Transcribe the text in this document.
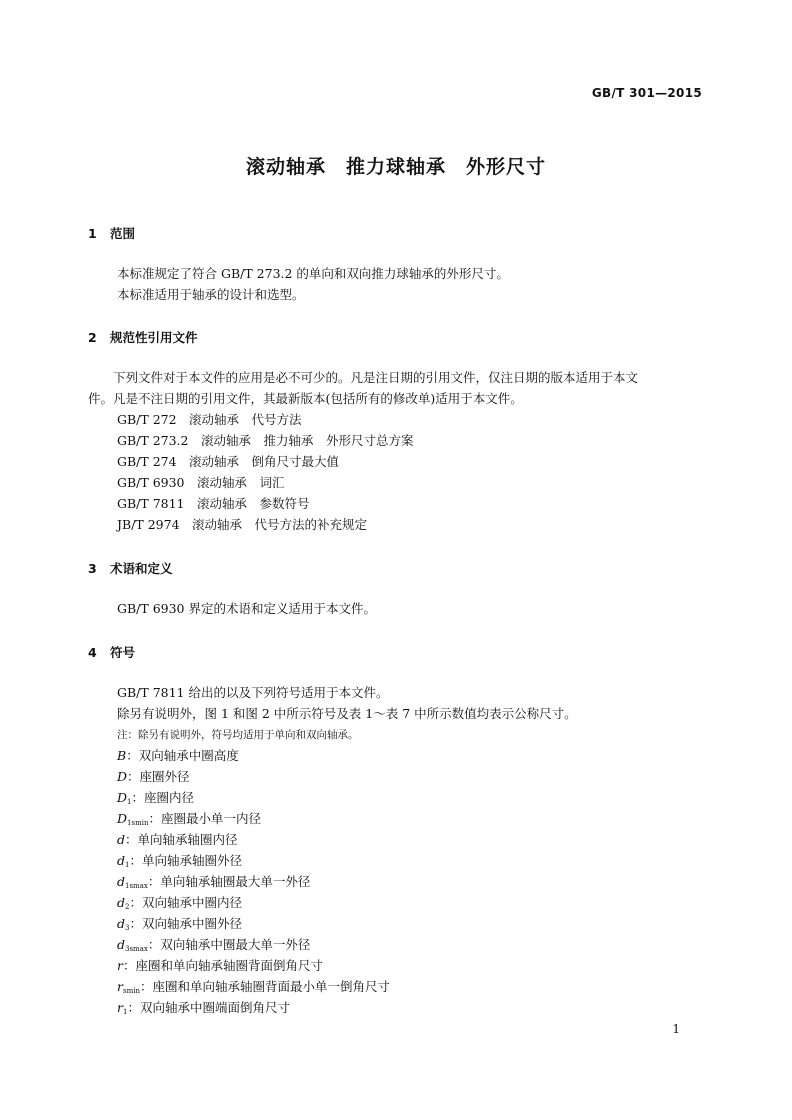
GB/T 301—2015
滚动轴承　推力球轴承　外形尺寸
1 范围
本标准规定了符合 GB/T 273.2 的单向和双向推力球轴承的外形尺寸。
本标准适用于轴承的设计和选型。
2 规范性引用文件
　　下列文件对于本文件的应用是必不可少的。凡是注日期的引用文件，仅注日期的版本适用于本文
件。凡是不注日期的引用文件，其最新版本(包括所有的修改单)适用于本文件。
GB/T 272　滚动轴承　代号方法
GB/T 273.2　滚动轴承　推力轴承　外形尺寸总方案
GB/T 274　滚动轴承　倒角尺寸最大值
GB/T 6930　滚动轴承　词汇
GB/T 7811　滚动轴承　参数符号
JB/T 2974　滚动轴承　代号方法的补充规定
3 术语和定义
GB/T 6930 界定的术语和定义适用于本文件。
4 符号
GB/T 7811 给出的以及下列符号适用于本文件。
除另有说明外，图 1 和图 2 中所示符号及表 1～表 7 中所示数值均表示公称尺寸。
注：除另有说明外，符号均适用于单向和双向轴承。
B：双向轴承中圈高度
D：座圈外径
$D_1$：座圈内径
$D_{1smin}$：座圈最小单一内径
d：单向轴承轴圈内径
$d_1$：单向轴承轴圈外径
$d_{1smax}$：单向轴承轴圈最大单一外径
$d_2$：双向轴承中圈内径
$d_3$：双向轴承中圈外径
$d_{3smax}$：双向轴承中圈最大单一外径
r：座圈和单向轴承轴圈背面倒角尺寸
$r_{smin}$：座圈和单向轴承轴圈背面最小单一倒角尺寸
$r_1$：双向轴承中圈端面倒角尺寸
1
